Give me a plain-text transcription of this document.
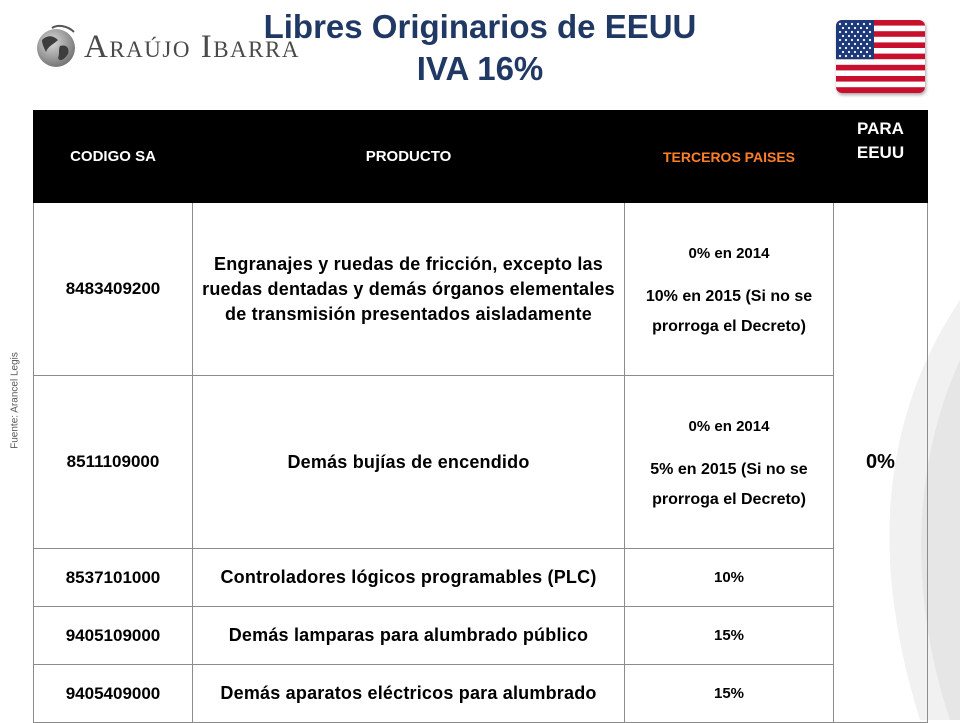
Fuente: Arancel Legis
Araújo Ibarra
Libres Originarios de EEUU
IVA 16%
CODIGO SA	PRODUCTO	TERCEROS PAISES	PARA
EEUU

8483409200	Engranajes y ruedas de fricción, excepto las ruedas dentadas y demás órganos elementales de transmisión presentados aisladamente	0% en 2014
10% en 2015 (Si no se prorroga el Decreto)	0%
8511109000	Demás bujías de encendido	0% en 2014
5% en 2015 (Si no se prorroga el Decreto)	

8537101000	Controladores lógicos programables (PLC)	10%	
9405109000	Demás lamparas para alumbrado público	15%	
9405409000	Demás aparatos eléctricos para alumbrado	15%	
